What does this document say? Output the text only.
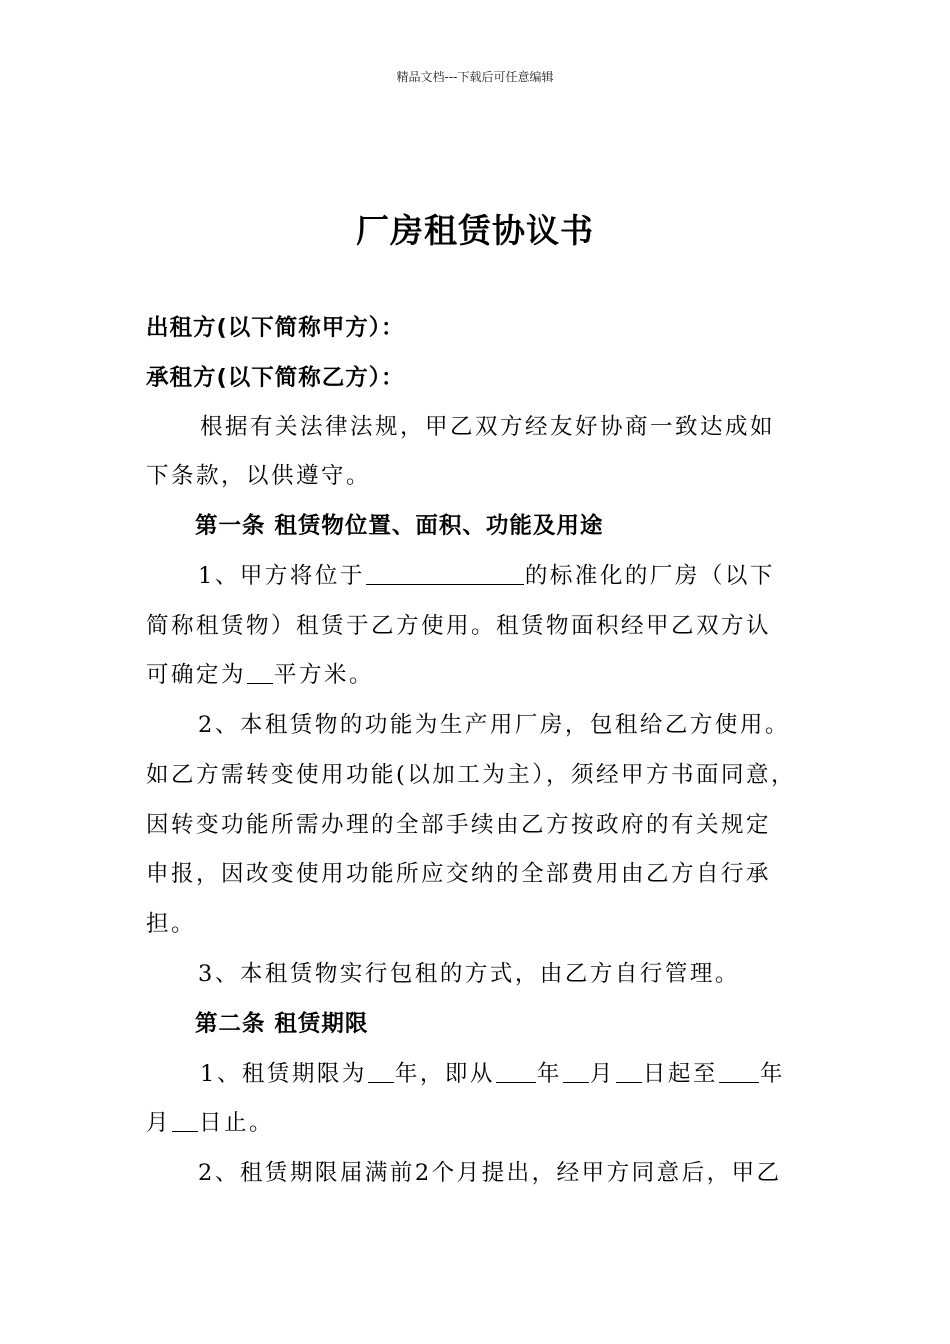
精品文档---下载后可任意编辑
厂房租赁协议书
出租方(以下简称甲方）：
承租方(以下简称乙方）：
根据有关法律法规，甲乙双方经友好协商一致达成如
下条款，以供遵守。
第一条 租赁物位置、面积、功能及用途
1、甲方将位于	的标准化的厂房（以下
简称租赁物）租赁于乙方使用。租赁物面积经甲乙双方认
可确定为 平方米。
2、本租赁物的功能为生产用厂房，包租给乙方使用。
如乙方需转变使用功能(以加工为主），须经甲方书面同意，
因转变功能所需办理的全部手续由乙方按政府的有关规定
申报，因改变使用功能所应交纳的全部费用由乙方自行承
担。
3、本租赁物实行包租的方式，由乙方自行管理。
第二条 租赁期限
1、租赁期限为 年，即从 年 月 日起至 年
月 日止。
2、租赁期限届满前2个月提出，经甲方同意后，甲乙
